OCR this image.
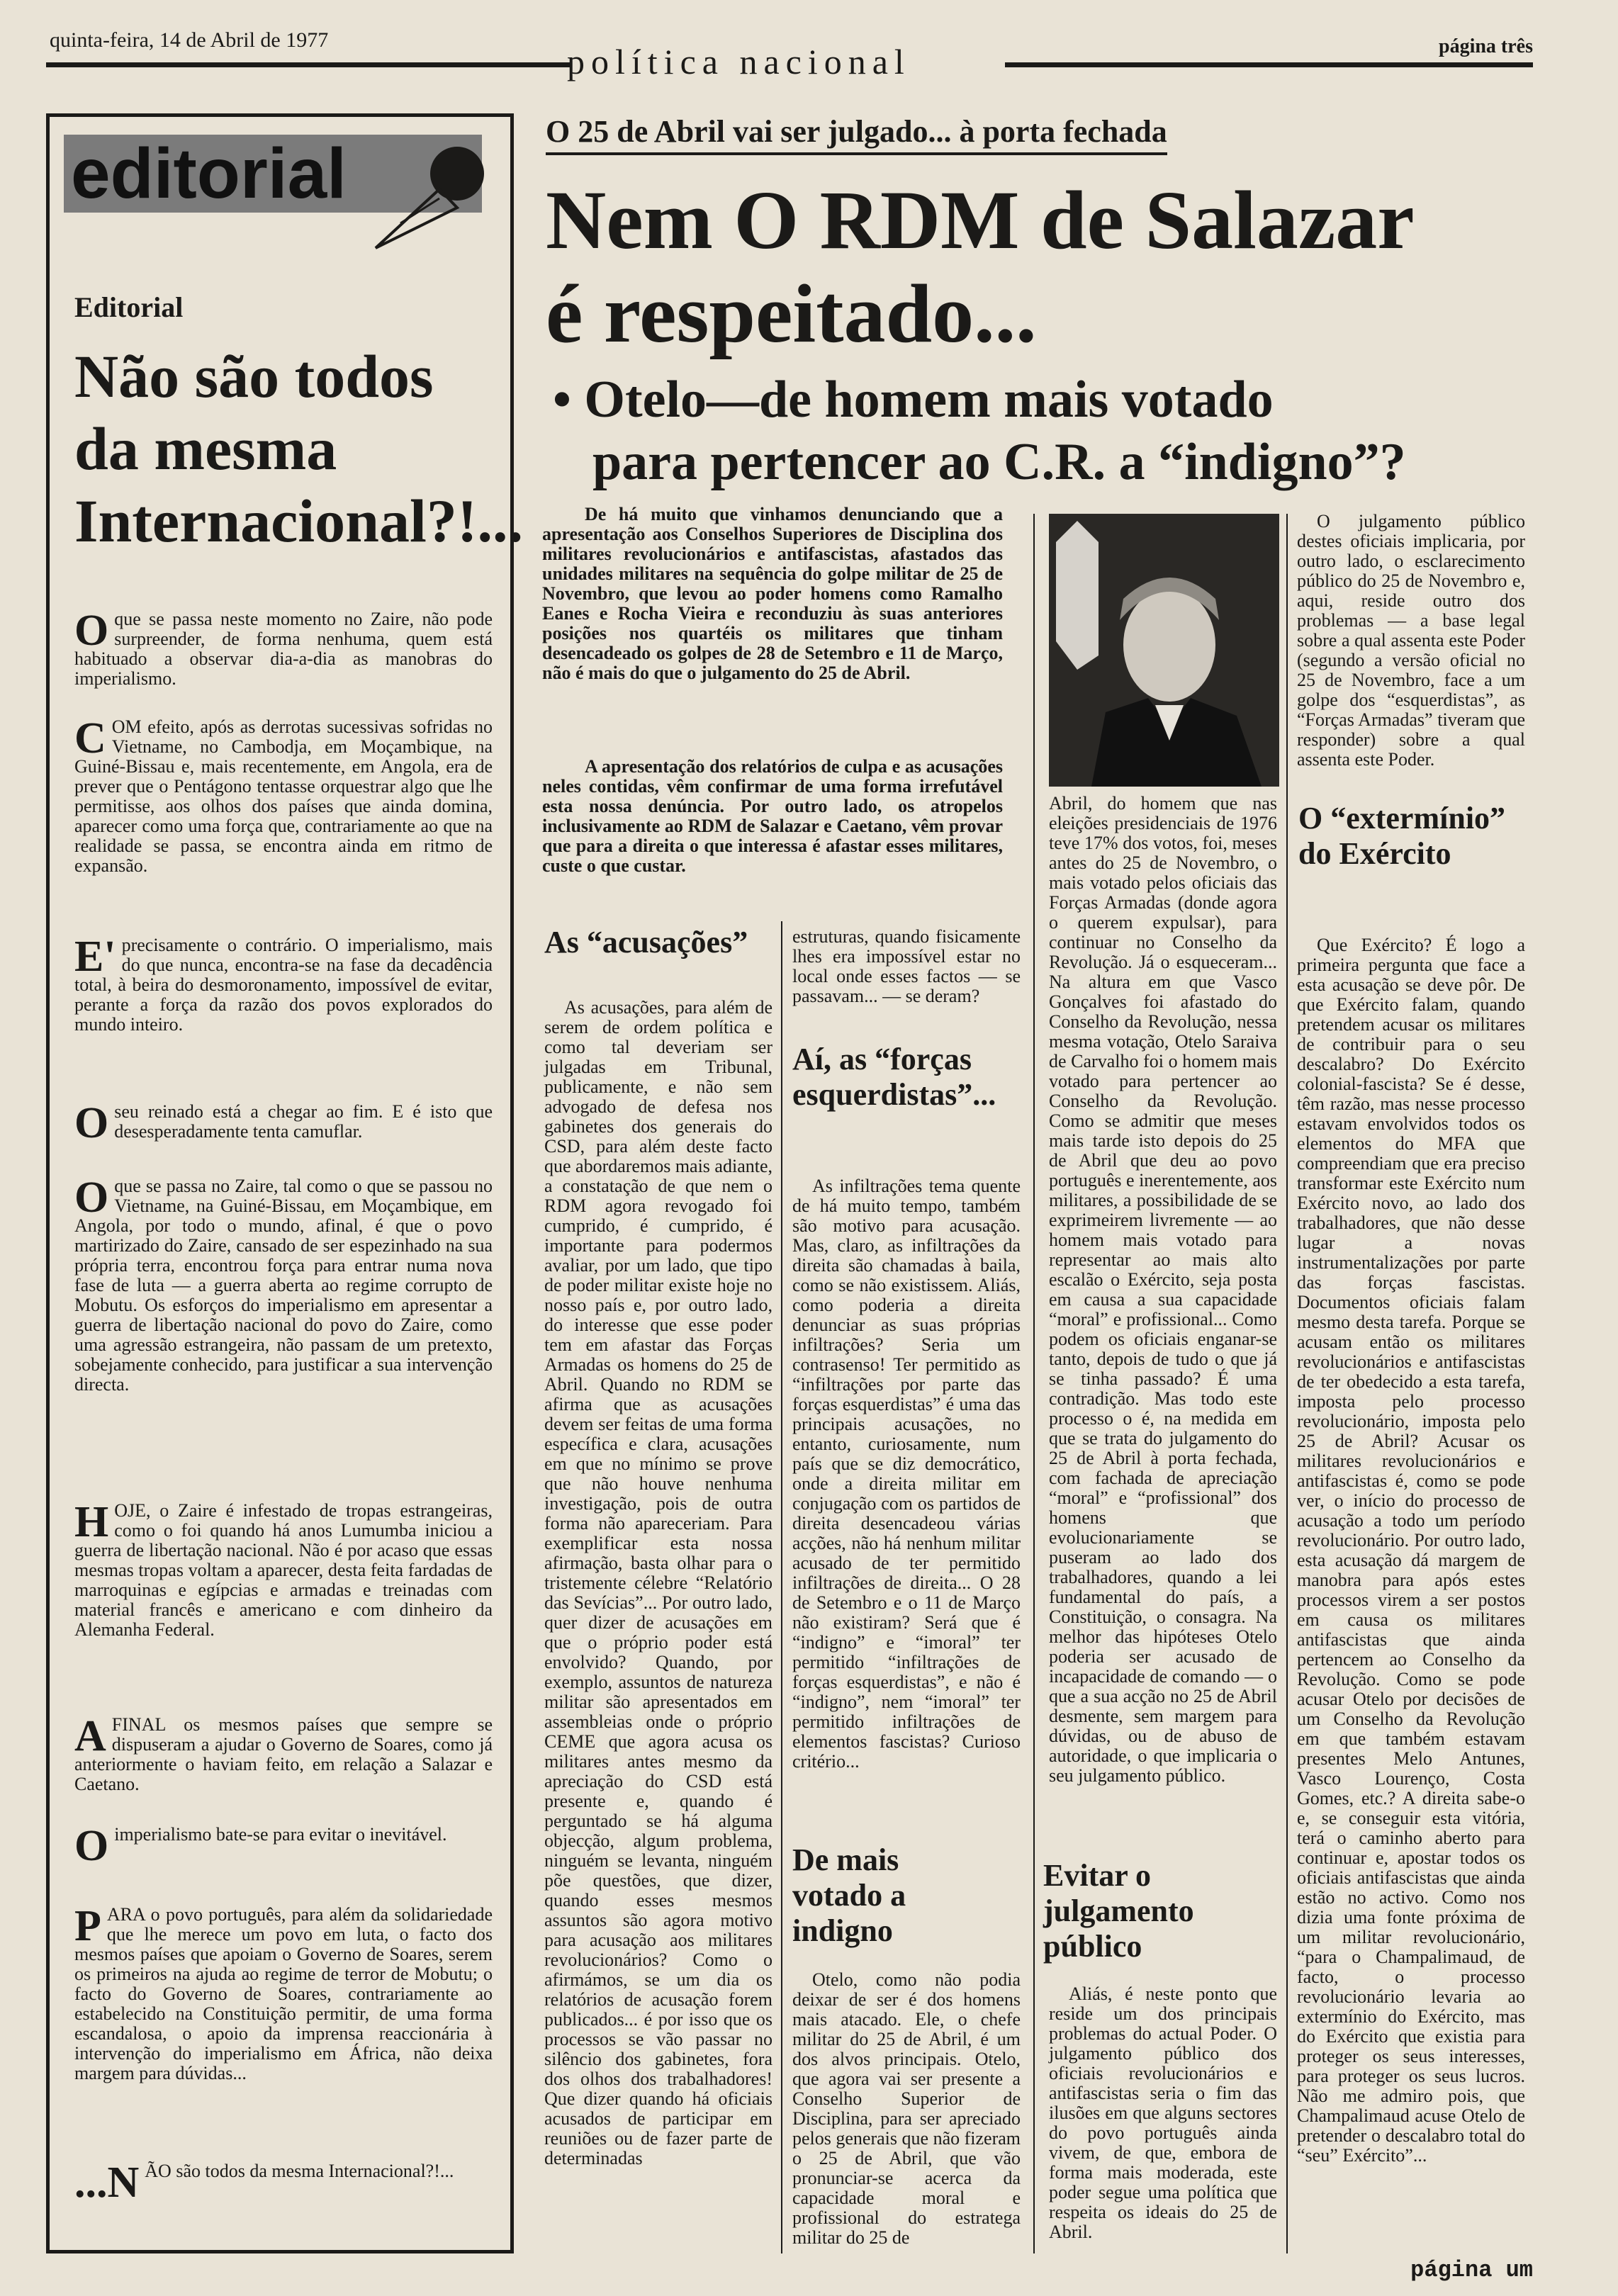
quinta-feira, 14 de Abril de 1977
política nacional	página três
editorial
Editorial
Não são todos da mesma Internacional?!...
Oque se passa neste momento no Zaire, não pode surpreender, de forma nenhuma, quem está habituado a observar dia-a-dia as manobras do imperialismo.
COM efeito, após as derrotas sucessivas sofridas no Vietname, no Cambodja, em Moçambique, na Guiné-Bissau e, mais recentemente, em Angola, era de prever que o Pentágono tentasse orquestrar algo que lhe permitisse, aos olhos dos países que ainda domina, aparecer como uma força que, contrariamente ao que na realidade se passa, se encontra ainda em ritmo de expansão.
E' precisamente o contrário. O imperialismo, mais do que nunca, encontra-se na fase da decadência total, à beira do desmoronamento, impossível de evitar, perante a força da razão dos povos explorados do mundo inteiro.
Oseu reinado está a chegar ao fim. E é isto que desesperadamente tenta camuflar.
Oque se passa no Zaire, tal como o que se passou no Vietname, na Guiné-Bissau, em Moçambique, em Angola, por todo o mundo, afinal, é que o povo martirizado do Zaire, cansado de ser espezinhado na sua própria terra, encontrou força para entrar numa nova fase de luta — a guerra aberta ao regime corrupto de Mobutu. Os esforços do imperialismo em apresentar a guerra de libertação nacional do povo do Zaire, como uma agressão estrangeira, não passam de um pretexto, sobejamente conhecido, para justificar a sua intervenção directa.
HOJE, o Zaire é infestado de tropas estrangeiras, como o foi quando há anos Lumumba iniciou a guerra de libertação nacional. Não é por acaso que essas mesmas tropas voltam a aparecer, desta feita fardadas de marroquinas e egípcias e armadas e treinadas com material francês e americano e com dinheiro da Alemanha Federal.
AFINAL os mesmos países que sempre se dispuseram a ajudar o Governo de Soares, como já anteriormente o haviam feito, em relação a Salazar e Caetano.
Oimperialismo bate-se para evitar o inevitável.
PARA o povo português, para além da solidariedade que lhe merece um povo em luta, o facto dos mesmos países que apoiam o Governo de Soares, serem os primeiros na ajuda ao regime de terror de Mobutu; o facto do Governo de Soares, contrariamente ao estabelecido na Constituição permitir, de uma forma escandalosa, o apoio da imprensa reaccionária à intervenção do imperialismo em África, não deixa margem para dúvidas...
...N ÃO são todos da mesma Internacional?!...
O 25 de Abril vai ser julgado... à porta fechada
Nem O RDM de Salazar
é respeitado...
• Otelo—de homem mais votado
para pertencer ao C.R. a “indigno”?
De há muito que vinhamos denunciando que a apresentação aos Conselhos Superiores de Disciplina dos militares revolucionários e antifascistas, afastados das unidades militares na sequência do golpe militar de 25 de Novembro, que levou ao poder homens como Ramalho Eanes e Rocha Vieira e reconduziu às suas anteriores posições nos quartéis os militares que tinham desencadeado os golpes de 28 de Setembro e 11 de Março, não é mais do que o julgamento do 25 de Abril.
A apresentação dos relatórios de culpa e as acusações neles contidas, vêm confirmar de uma forma irrefutável esta nossa denúncia. Por outro lado, os atropelos inclusivamente ao RDM de Salazar e Caetano, vêm provar que para a direita o que interessa é afastar esses militares, custe o que custar.
As “acusações”
As acusações, para além de serem de ordem política e como tal deveriam ser julgadas em Tribunal, publicamente, e não sem advogado de defesa nos gabinetes dos generais do CSD, para além deste facto que abordaremos mais adiante, a constatação de que nem o RDM agora revogado foi cumprido, é cumprido, é importante para podermos avaliar, por um lado, que tipo de poder militar existe hoje no nosso país e, por outro lado, do interesse que esse poder tem em afastar das Forças Armadas os homens do 25 de Abril. Quando no RDM se afirma que as acusações devem ser feitas de uma forma específica e clara, acusações em que no mínimo se prove que não houve nenhuma investigação, pois de outra forma não apareceriam. Para exemplificar esta nossa afirmação, basta olhar para o tristemente célebre “Relatório das Sevícias”... Por outro lado, quer dizer de acusações em que o próprio poder está envolvido? Quando, por exemplo, assuntos de natureza militar são apresentados em assembleias onde o próprio CEME que agora acusa os militares antes mesmo da apreciação do CSD está presente e, quando é perguntado se há alguma objecção, algum problema, ninguém se levanta, ninguém põe questões, que dizer, quando esses mesmos assuntos são agora motivo para acusação aos militares revolucionários? Como o afirmámos, se um dia os relatórios de acusação forem publicados... é por isso que os processos se vão passar no silêncio dos gabinetes, fora dos olhos dos trabalhadores! Que dizer quando há oficiais acusados de participar em reuniões ou de fazer parte de determinadas
estruturas, quando fisicamente lhes era impossível estar no local onde esses factos — se passavam... — se deram?
Aí, as “forças esquerdistas”...
As infiltrações tema quente de há muito tempo, também são motivo para acusação. Mas, claro, as infiltrações da direita são chamadas à baila, como se não existissem. Aliás, como poderia a direita denunciar as suas próprias infiltrações? Seria um contrasenso! Ter permitido as “infiltrações por parte das forças esquerdistas” é uma das principais acusações, no entanto, curiosamente, num país que se diz democrático, onde a direita militar em conjugação com os partidos de direita desencadeou várias acções, não há nenhum militar acusado de ter permitido infiltrações de direita... O 28 de Setembro e o 11 de Março não existiram? Será que é “indigno” e “imoral” ter permitido “infiltrações de forças esquerdistas”, e não é “indigno”, nem “imoral” ter permitido infiltrações de elementos fascistas? Curioso critério...
De mais votado a indigno
Otelo, como não podia deixar de ser é dos homens mais atacado. Ele, o chefe militar do 25 de Abril, é um dos alvos principais. Otelo, que agora vai ser presente a Conselho Superior de Disciplina, para ser apreciado pelos generais que não fizeram o 25 de Abril, que vão pronunciar-se acerca da capacidade moral e profissional do estratega militar do 25 de
Abril, do homem que nas eleições presidenciais de 1976 teve 17% dos votos, foi, meses antes do 25 de Novembro, o mais votado pelos oficiais das Forças Armadas (donde agora o querem expulsar), para continuar no Conselho da Revolução. Já o esqueceram... Na altura em que Vasco Gonçalves foi afastado do Conselho da Revolução, nessa mesma votação, Otelo Saraiva de Carvalho foi o homem mais votado para pertencer ao Conselho da Revolução. Como se admitir que meses mais tarde isto depois do 25 de Abril que deu ao povo português e inerentemente, aos militares, a possibilidade de se exprimeirem livremente — ao homem mais votado para representar ao mais alto escalão o Exército, seja posta em causa a sua capacidade “moral” e profissional... Como podem os oficiais enganar-se tanto, depois de tudo o que já se tinha passado? É uma contradição. Mas todo este processo o é, na medida em que se trata do julgamento do 25 de Abril à porta fechada, com fachada de apreciação “moral” e “profissional” dos homens que evolucionariamente se puseram ao lado dos trabalhadores, quando a lei fundamental do país, a Constituição, o consagra. Na melhor das hipóteses Otelo poderia ser acusado de incapacidade de comando — o que a sua acção no 25 de Abril desmente, sem margem para dúvidas, ou de abuso de autoridade, o que implicaria o seu julgamento público.
Evitar o julgamento público
Aliás, é neste ponto que reside um dos principais problemas do actual Poder. O julgamento público dos oficiais revolucionários e antifascistas seria o fim das ilusões em que alguns sectores do povo português ainda vivem, de que, embora de forma mais moderada, este poder segue uma política que respeita os ideais do 25 de Abril.
O julgamento público destes oficiais implicaria, por outro lado, o esclarecimento público do 25 de Novembro e, aqui, reside outro dos problemas — a base legal sobre a qual assenta este Poder (segundo a versão oficial no 25 de Novembro, face a um golpe dos “esquerdistas”, as “Forças Armadas” tiveram que responder) sobre a qual assenta este Poder.
O “extermínio” do Exército
Que Exército? É logo a primeira pergunta que face a esta acusação se deve pôr. De que Exército falam, quando pretendem acusar os militares de contribuir para o seu descalabro? Do Exército colonial-fascista? Se é desse, têm razão, mas nesse processo estavam envolvidos todos os elementos do MFA que compreendiam que era preciso transformar este Exército num Exército novo, ao lado dos trabalhadores, que não desse lugar a novas instrumentalizações por parte das forças fascistas. Documentos oficiais falam mesmo desta tarefa. Porque se acusam então os militares revolucionários e antifascistas de ter obedecido a esta tarefa, imposta pelo processo revolucionário, imposta pelo 25 de Abril? Acusar os militares revolucionários e antifascistas é, como se pode ver, o início do processo de acusação a todo um período revolucionário. Por outro lado, esta acusação dá margem de manobra para após estes processos virem a ser postos em causa os militares antifascistas que ainda pertencem ao Conselho da Revolução. Como se pode acusar Otelo por decisões de um Conselho da Revolução em que também estavam presentes Melo Antunes, Vasco Lourenço, Costa Gomes, etc.? A direita sabe-o e, se conseguir esta vitória, terá o caminho aberto para continuar e, apostar todos os oficiais antifascistas que ainda estão no activo. Como nos dizia uma fonte próxima de um militar revolucionário, “para o Champalimaud, de facto, o processo revolucionário levaria ao extermínio do Exército, mas do Exército que existia para proteger os seus interesses, para proteger os seus lucros. Não me admiro pois, que Champalimaud acuse Otelo de pretender o descalabro total do “seu” Exército”...
página um
